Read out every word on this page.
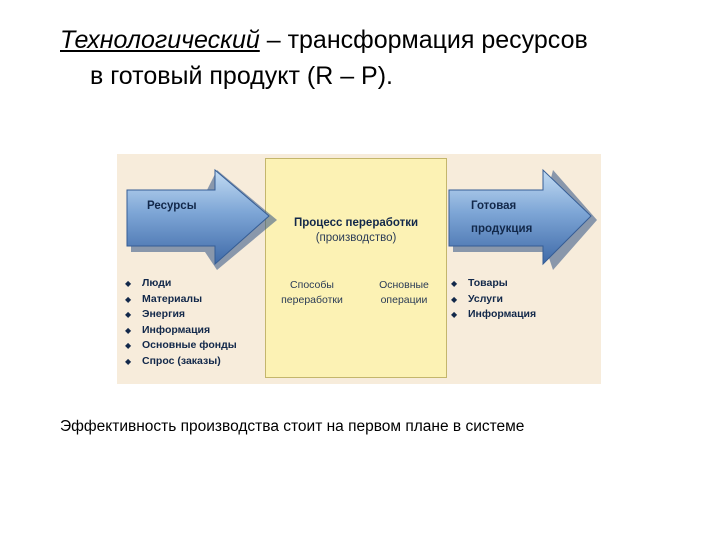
Технологический – трансформация ресурсов
в готовый продукт (R – P).
Ресурсы	Готовая
продукция
Процесс переработки
(производство)
Способы
переработки
Основные
операции
◆ Люди
◆ Материалы
◆ Энергия
◆ Информация
◆ Основные фонды
◆ Спрос (заказы)
◆ Товары
◆ Услуги
◆ Информация
Эффективность производства стоит на первом плане в системе
